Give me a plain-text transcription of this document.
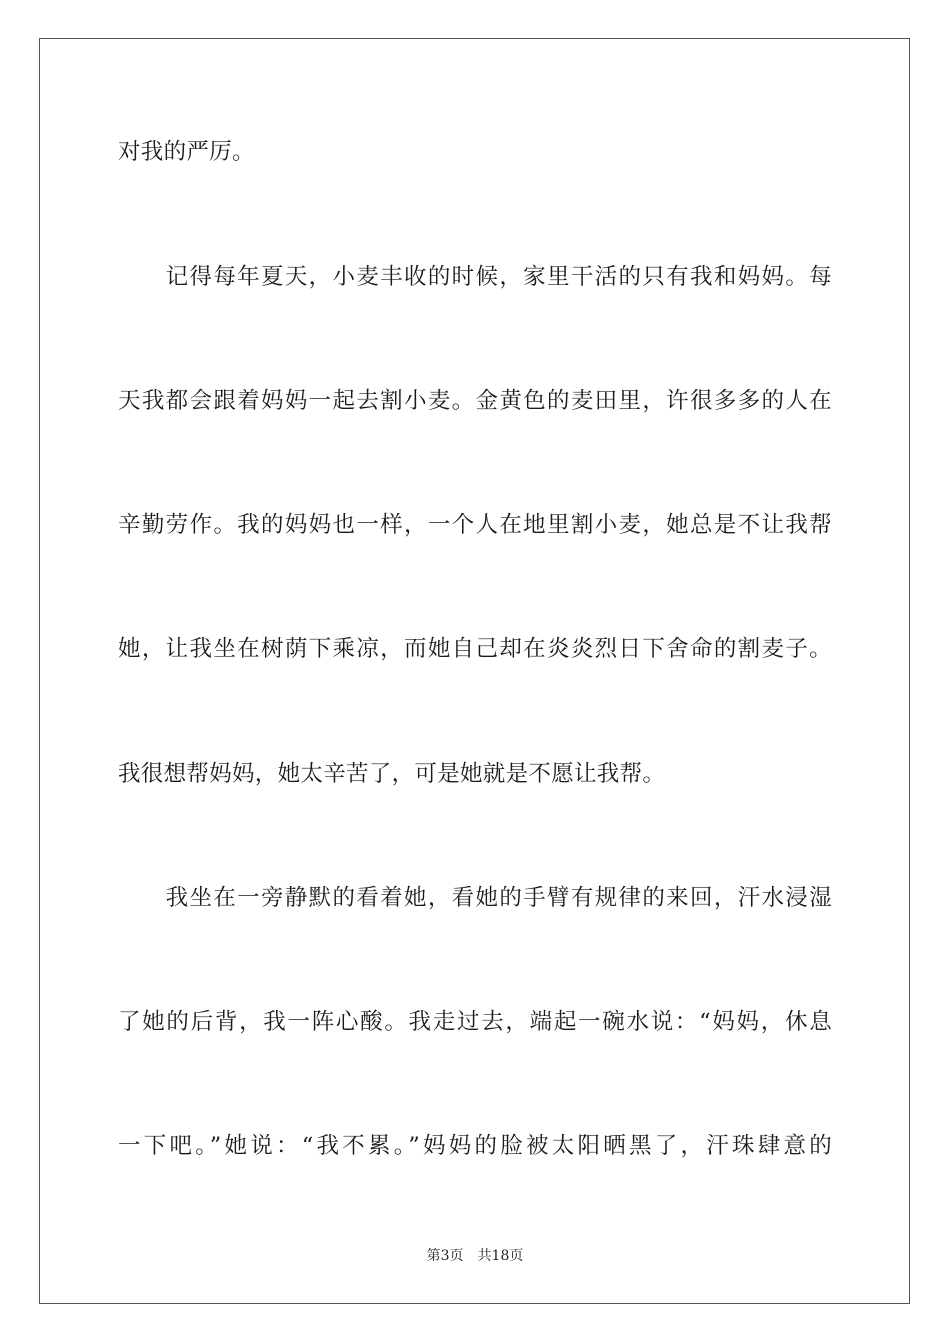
对我的严厉。
　　记得每年夏天，小麦丰收的时候，家里干活的只有我和妈妈。每
天我都会跟着妈妈一起去割小麦。金黄色的麦田里，许很多多的人在
辛勤劳作。我的妈妈也一样，一个人在地里割小麦，她总是不让我帮
她，让我坐在树荫下乘凉，而她自己却在炎炎烈日下舍命的割麦子。
我很想帮妈妈，她太辛苦了，可是她就是不愿让我帮。
　　我坐在一旁静默的看着她，看她的手臂有规律的来回，汗水浸湿
了她的后背，我一阵心酸。我走过去，端起一碗水说：“妈妈，休息
一下吧。”她说：“我不累。”妈妈的脸被太阳晒黑了，汗珠肆意的
第3页 共18页
